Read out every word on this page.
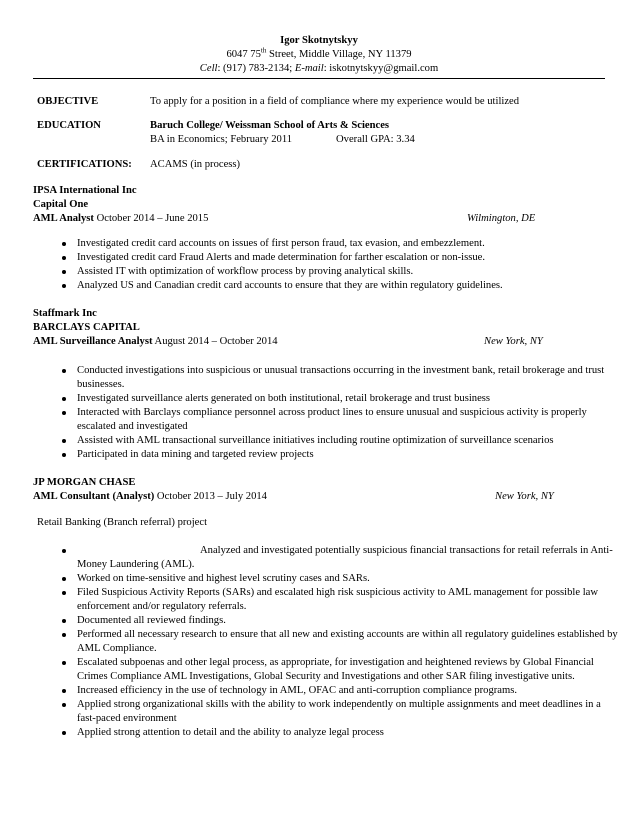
Igor Skotnytskyy
6047 75th Street, Middle Village, NY 11379
Cell: (917) 783-2134; E-mail: iskotnytskyy@gmail.com
OBJECTIVE	To apply for a position in a field of compliance where my experience would be utilized
EDUCATION	Baruch College/ Weissman School of Arts & Sciences
BA in Economics; February 2011	Overall GPA: 3.34
CERTIFICATIONS:	ACAMS (in process)
IPSA International Inc
Capital One
AML Analyst October 2014 – June 2015	Wilmington, DE
Investigated credit card accounts on issues of first person fraud, tax evasion, and embezzlement.
Investigated credit card Fraud Alerts and made determination for farther escalation or non-issue.
Assisted IT with optimization of workflow process by proving analytical skills.
Analyzed US and Canadian credit card accounts to ensure that they are within regulatory guidelines.
Staffmark Inc
BARCLAYS CAPITAL
AML Surveillance Analyst August 2014 – October 2014	New York, NY
Conducted investigations into suspicious or unusual transactions occurring in the investment bank, retail brokerage and trust businesses.
Investigated surveillance alerts generated on both institutional, retail brokerage and trust business
Interacted with Barclays compliance personnel across product lines to ensure unusual and suspicious activity is properly escalated and investigated
Assisted with AML transactional surveillance initiatives including routine optimization of surveillance scenarios
Participated in data mining and targeted review projects
JP MORGAN CHASE
AML Consultant (Analyst) October 2013 – July 2014	New York, NY
Retail Banking (Branch referral) project
Analyzed and investigated potentially suspicious financial transactions for retail referrals in Anti-Money Laundering (AML).
Worked on time-sensitive and highest level scrutiny cases and SARs.
Filed Suspicious Activity Reports (SARs) and escalated high risk suspicious activity to AML management for possible law enforcement and/or regulatory referrals.
Documented all reviewed findings.
Performed all necessary research to ensure that all new and existing accounts are within all regulatory guidelines established by AML Compliance.
Escalated subpoenas and other legal process, as appropriate, for investigation and heightened reviews by Global Financial Crimes Compliance AML Investigations, Global Security and Investigations and other SAR filing investigative units.
Increased efficiency in the use of technology in AML, OFAC and anti-corruption compliance programs.
Applied strong organizational skills with the ability to work independently on multiple assignments and meet deadlines in a fast-paced environment
Applied strong attention to detail and the ability to analyze legal process
